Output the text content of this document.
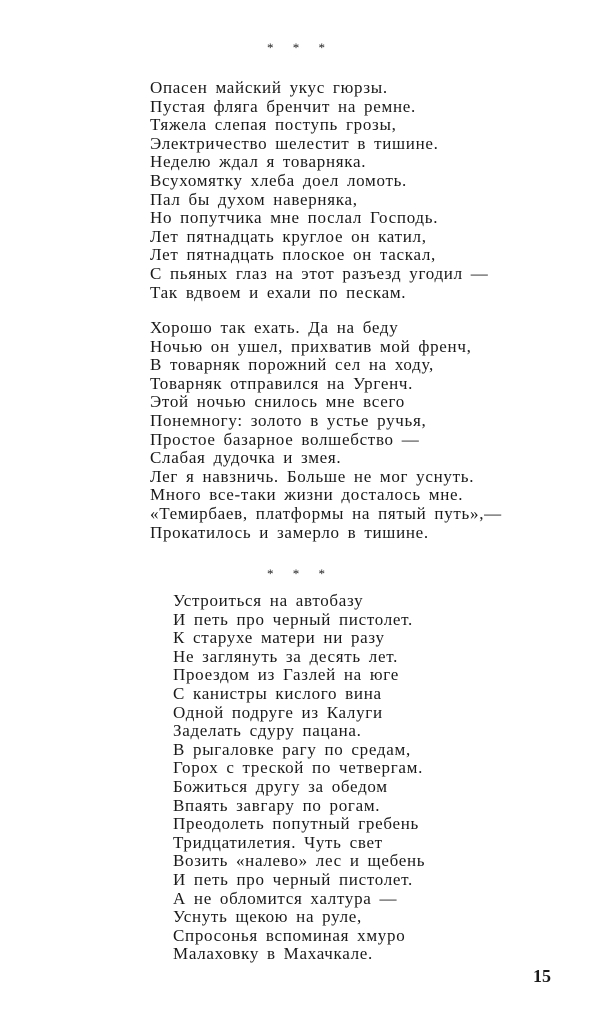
* * *
Опасен майский укус гюрзы.
Пустая фляга бренчит на ремне.
Тяжела слепая поступь грозы,
Электричество шелестит в тишине.
Неделю ждал я товарняка.
Всухомятку хлеба доел ломоть.
Пал бы духом наверняка,
Но попутчика мне послал Господь.
Лет пятнадцать круглое он катил,
Лет пятнадцать плоское он таскал,
С пьяных глаз на этот разъезд угодил —
Так вдвоем и ехали по пескам.
Хорошо так ехать. Да на беду
Ночью он ушел, прихватив мой френч,
В товарняк порожний сел на ходу,
Товарняк отправился на Ургенч.
Этой ночью снилось мне всего
Понемногу: золото в устье ручья,
Простое базарное волшебство —
Слабая дудочка и змея.
Лег я навзничь. Больше не мог уснуть.
Много все-таки жизни досталось мне.
«Темирбаев, платформы на пятый путь»,—
Прокатилось и замерло в тишине.
* * *
Устроиться на автобазу
И петь про черный пистолет.
К старухе матери ни разу
Не заглянуть за десять лет.
Проездом из Газлей на юге
С канистры кислого вина
Одной подруге из Калуги
Заделать сдуру пацана.
В рыгаловке рагу по средам,
Горох с треской по четвергам.
Божиться другу за обедом
Впаять завгару по рогам.
Преодолеть попутный гребень
Тридцатилетия. Чуть свет
Возить «налево» лес и щебень
И петь про черный пистолет.
А не обломится халтура —
Уснуть щекою на руле,
Спросонья вспоминая хмуро
Малаховку в Махачкале.
15
